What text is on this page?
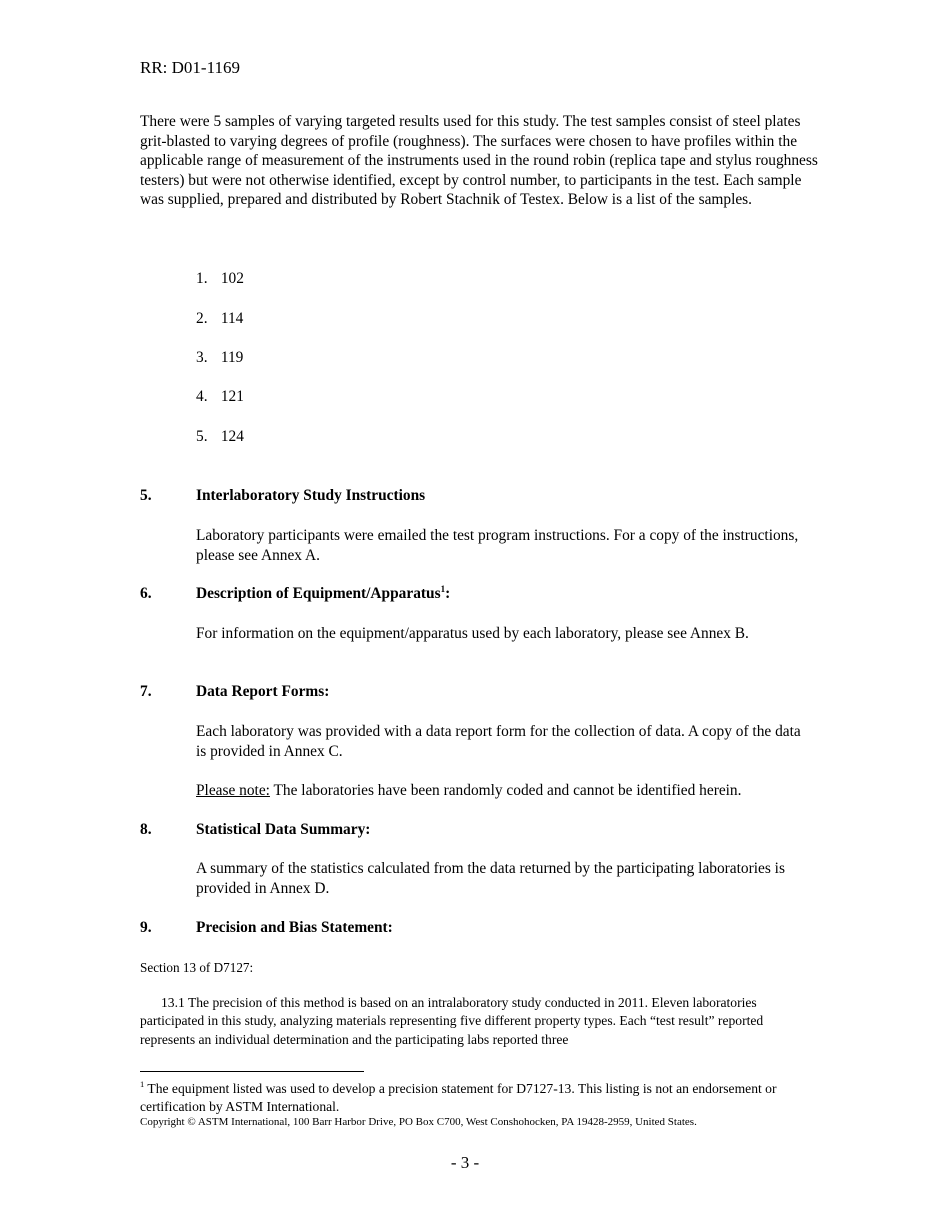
RR: D01-1169
There were 5 samples of varying targeted results used for this study. The test samples consist of steel plates grit-blasted to varying degrees of profile (roughness). The surfaces were chosen to have profiles within the applicable range of measurement of the instruments used in the round robin (replica tape and stylus roughness testers) but were not otherwise identified, except by control number, to participants in the test. Each sample was supplied, prepared and distributed by Robert Stachnik of Testex. Below is a list of the samples.
1. 102
2. 114
3. 119
4. 121
5. 124
5.	Interlaboratory Study Instructions
Laboratory participants were emailed the test program instructions. For a copy of the instructions, please see Annex A.
6.	Description of Equipment/Apparatus$^1$:
For information on the equipment/apparatus used by each laboratory, please see Annex B.
7.	Data Report Forms:
Each laboratory was provided with a data report form for the collection of data. A copy of the data is provided in Annex C.
Please note: The laboratories have been randomly coded and cannot be identified herein.
8.	Statistical Data Summary:
A summary of the statistics calculated from the data returned by the participating laboratories is provided in Annex D.
9.	Precision and Bias Statement:
Section 13 of D7127:
13.1 The precision of this method is based on an intralaboratory study conducted in 2011. Eleven laboratories participated in this study, analyzing materials representing five different property types. Each “test result” reported represents an individual determination and the participating labs reported three
$^1$ The equipment listed was used to develop a precision statement for D7127-13. This listing is not an endorsement or certification by ASTM International.
Copyright © ASTM International, 100 Barr Harbor Drive, PO Box C700, West Conshohocken, PA 19428-2959, United States.
- 3 -
